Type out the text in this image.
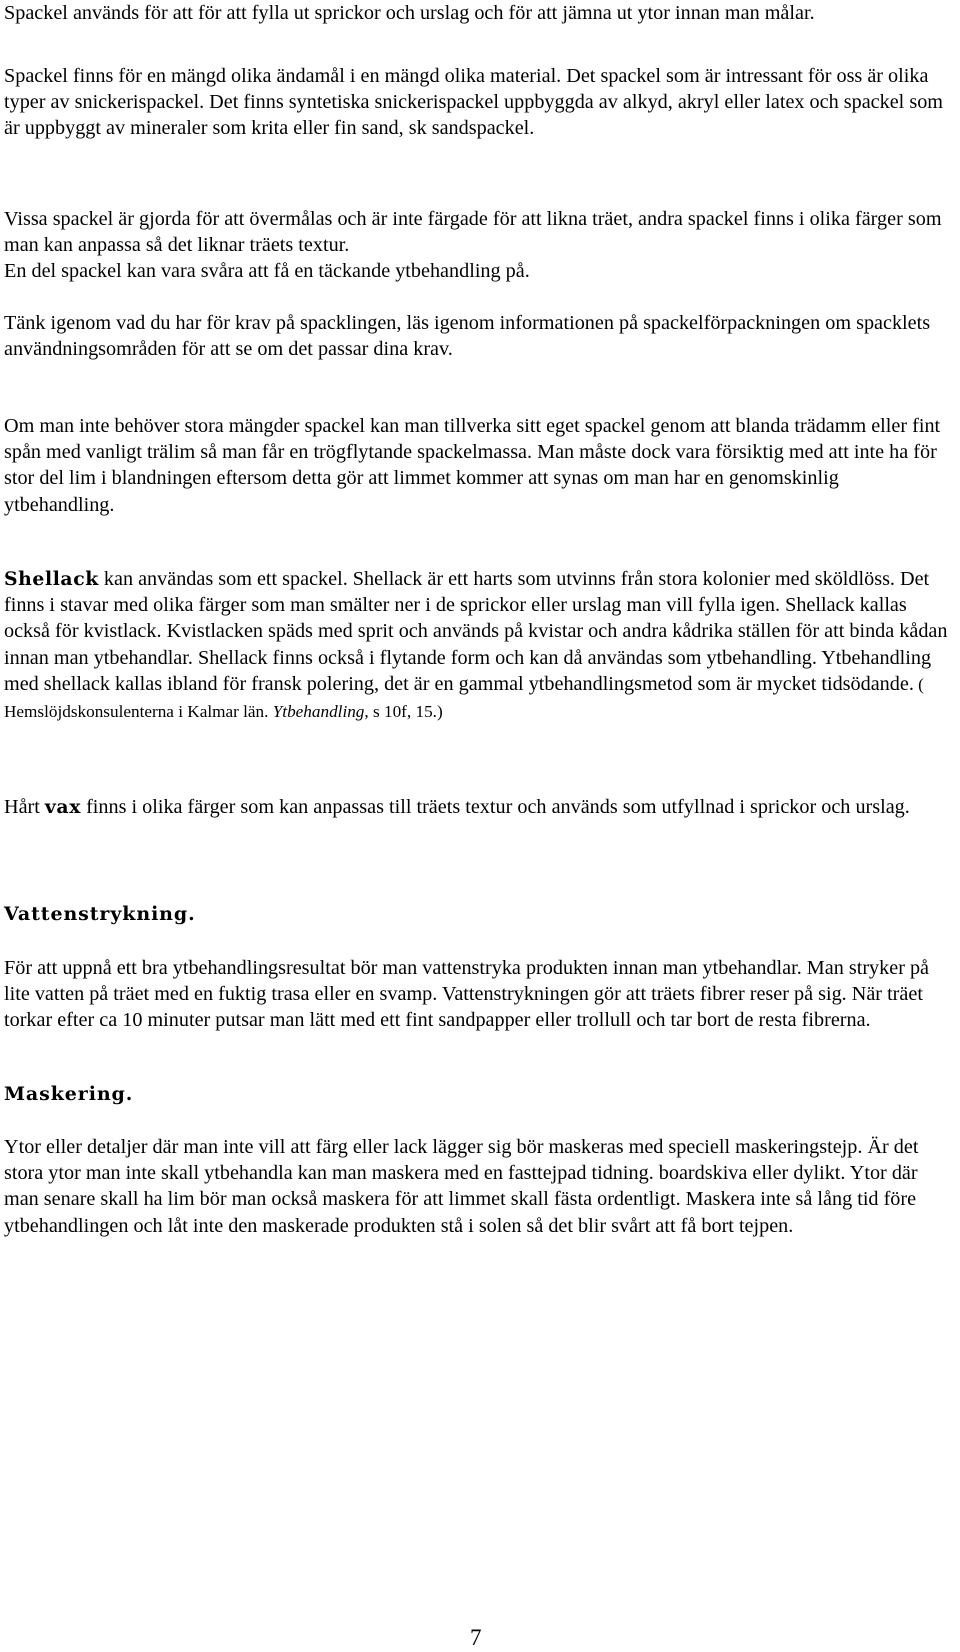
Spackel används för att för att fylla ut sprickor och urslag och för att jämna ut ytor innan man målar.

Spackel finns för en mängd olika ändamål i en mängd olika material. Det spackel som är intressant för oss är olika typer av snickerispackel. Det finns syntetiska snickerispackel uppbyggda av alkyd, akryl eller latex och spackel som är uppbyggt av mineraler som krita eller fin sand, sk sandspackel.

Vissa spackel är gjorda för att övermålas och är inte färgade för att likna träet, andra spackel finns i olika färger som man kan anpassa så det liknar träets textur.

En del spackel kan vara svåra att få en täckande ytbehandling på.

Tänk igenom vad du har för krav på spacklingen, läs igenom informationen på spackelförpackningen om spacklets användningsområden för att se om det passar dina krav.

Om man inte behöver stora mängder spackel kan man tillverka sitt eget spackel genom att blanda trädamm eller fint spån med vanligt trälim så man får en trögflytande spackelmassa. Man måste dock vara försiktig med att inte ha för stor del lim i blandningen eftersom detta gör att limmet kommer att synas om man har en genomskinlig ytbehandling.

Shellack kan användas som ett spackel. Shellack är ett harts som utvinns från stora kolonier med sköldlöss. Det finns i stavar med olika färger som man smälter ner i de sprickor eller urslag man vill fylla igen. Shellack kallas också för kvistlack. Kvistlacken späds med sprit och används på kvistar och andra kådrika ställen för att binda kådan innan man ytbehandlar. Shellack finns också i flytande form och kan då användas som ytbehandling. Ytbehandling med shellack kallas ibland för fransk polering, det är en gammal ytbehandlingsmetod som är mycket tidsödande. ( Hemslöjdskonsulenterna i Kalmar län. Ytbehandling, s 10f, 15.)

Hårt vax finns i olika färger som kan anpassas till träets textur och används som utfyllnad i sprickor och urslag.

Vattenstrykning.

För att uppnå ett bra ytbehandlingsresultat bör man vattenstryka produkten innan man ytbehandlar. Man stryker på lite vatten på träet med en fuktig trasa eller en svamp. Vattenstrykningen gör att träets fibrer reser på sig. När träet torkar efter ca 10 minuter putsar man lätt med ett fint sandpapper eller trollull och tar bort de resta fibrerna.

Maskering.

Ytor eller detaljer där man inte vill att färg eller lack lägger sig bör maskeras med speciell maskeringstejp. Är det stora ytor man inte skall ytbehandla kan man maskera med en fasttejpad tidning. boardskiva eller dylikt. Ytor där man senare skall ha lim bör man också maskera för att limmet skall fästa ordentligt. Maskera inte så lång tid före ytbehandlingen och låt inte den maskerade produkten stå i solen så det blir svårt att få bort tejpen.

7
